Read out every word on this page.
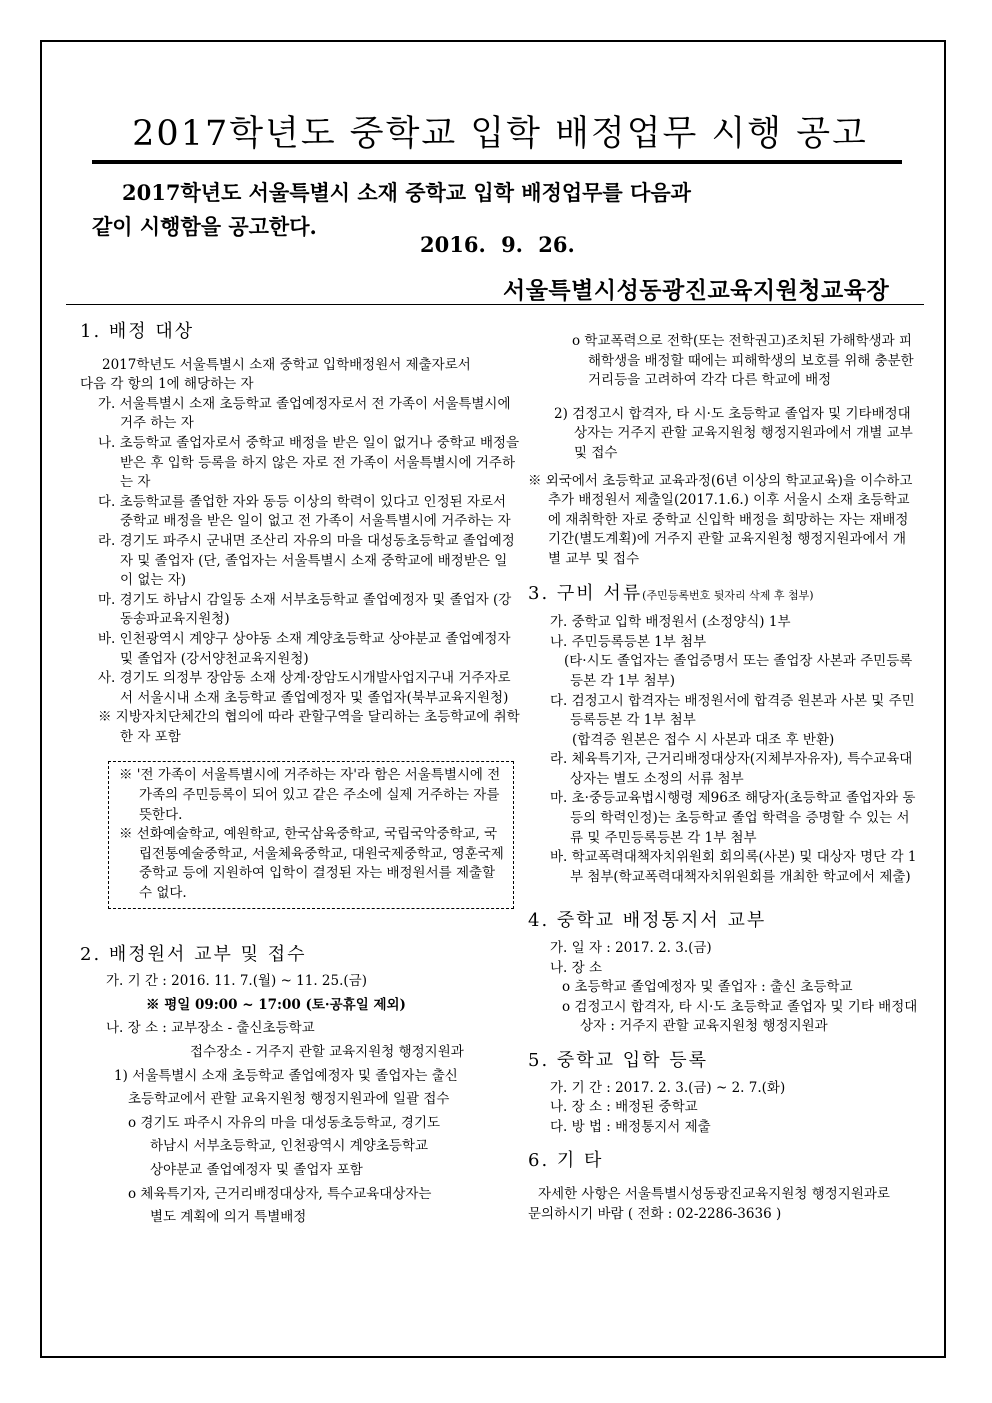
2017학년도 중학교 입학 배정업무 시행 공고
2017학년도 서울특별시 소재 중학교 입학 배정업무를 다음과
같이 시행함을 공고한다.
2016. 9. 26.
서울특별시성동광진교육지원청교육장
1. 배정 대상

2017학년도 서울특별시 소재 중학교 입학배정원서 제출자로서

다음 각 항의 1에 해당하는 자

가. 서울특별시 소재 초등학교 졸업예정자로서 전 가족이 서울특별시에 거주 하는 자

나. 초등학교 졸업자로서 중학교 배정을 받은 일이 없거나 중학교 배정을 받은 후 입학 등록을 하지 않은 자로 전 가족이 서울특별시에 거주하는 자

다. 초등학교를 졸업한 자와 동등 이상의 학력이 있다고 인정된 자로서 중학교 배정을 받은 일이 없고 전 가족이 서울특별시에 거주하는 자

라. 경기도 파주시 군내면 조산리 자유의 마을 대성동초등학교 졸업예정자 및 졸업자 (단, 졸업자는 서울특별시 소재 중학교에 배정받은 일이 없는 자)

마. 경기도 하남시 감일동 소재 서부초등학교 졸업예정자 및 졸업자 (강동송파교육지원청)

바. 인천광역시 계양구 상야동 소재 계양초등학교 상야분교 졸업예정자 및 졸업자 (강서양천교육지원청)

사. 경기도 의정부 장암동 소재 상계·장암도시개발사업지구내 거주자로서 서울시내 소재 초등학교 졸업예정자 및 졸업자(북부교육지원청)

※ 지방자치단체간의 협의에 따라 관할구역을 달리하는 초등학교에 취학한 자 포함

※ '전 가족이 서울특별시에 거주하는 자'라 함은 서울특별시에 전 가족의 주민등록이 되어 있고 같은 주소에 실제 거주하는 자를 뜻한다.

※ 선화예술학교, 예원학교, 한국삼육중학교, 국립국악중학교, 국립전통예술중학교, 서울체육중학교, 대원국제중학교, 영훈국제중학교 등에 지원하여 입학이 결정된 자는 배정원서를 제출할 수 없다.

2. 배정원서 교부 및 접수

가. 기 간 : 2016. 11. 7.(월) ~ 11. 25.(금)

※ 평일 09:00 ~ 17:00 (토·공휴일 제외)

나. 장 소 : 교부장소 - 출신초등학교

접수장소 - 거주지 관할 교육지원청 행정지원과

1) 서울특별시 소재 초등학교 졸업예정자 및 졸업자는 출신

초등학교에서 관할 교육지원청 행정지원과에 일괄 접수

o 경기도 파주시 자유의 마을 대성동초등학교, 경기도

하남시 서부초등학교, 인천광역시 계양초등학교

상야분교 졸업예정자 및 졸업자 포함

o 체육특기자, 근거리배정대상자, 특수교육대상자는

별도 계획에 의거 특별배정

o 학교폭력으로 전학(또는 전학권고)조치된 가해학생과 피해학생을 배정할 때에는 피해학생의 보호를 위해 충분한 거리등을 고려하여 각각 다른 학교에 배정

2) 검정고시 합격자, 타 시·도 초등학교 졸업자 및 기타배정대상자는 거주지 관할 교육지원청 행정지원과에서 개별 교부 및 접수

※ 외국에서 초등학교 교육과정(6년 이상의 학교교육)을 이수하고 추가 배정원서 제출일(2017.1.6.) 이후 서울시 소재 초등학교에 재취학한 자로 중학교 신입학 배정을 희망하는 자는 재배정 기간(별도계획)에 거주지 관할 교육지원청 행정지원과에서 개별 교부 및 접수

3. 구비 서류(주민등록번호 뒷자리 삭제 후 첨부)

가. 중학교 입학 배정원서 (소정양식) 1부

나. 주민등록등본 1부 첨부

(타·시도 졸업자는 졸업증명서 또는 졸업장 사본과 주민등록등본 각 1부 첨부)

다. 검정고시 합격자는 배정원서에 합격증 원본과 사본 및 주민등록등본 각 1부 첨부

(합격증 원본은 접수 시 사본과 대조 후 반환)

라. 체육특기자, 근거리배정대상자(지체부자유자), 특수교육대상자는 별도 소정의 서류 첨부

마. 초·중등교육법시행령 제96조 해당자(초등학교 졸업자와 동등의 학력인정)는 초등학교 졸업 학력을 증명할 수 있는 서류 및 주민등록등본 각 1부 첨부

바. 학교폭력대책자치위원회 회의록(사본) 및 대상자 명단 각 1부 첨부(학교폭력대책자치위원회를 개최한 학교에서 제출)

4. 중학교 배정통지서 교부

가. 일 자 : 2017. 2. 3.(금)

나. 장 소

o 초등학교 졸업예정자 및 졸업자 : 출신 초등학교

o 검정고시 합격자, 타 시·도 초등학교 졸업자 및 기타 배정대상자 : 거주지 관할 교육지원청 행정지원과

5. 중학교 입학 등록

가. 기 간 : 2017. 2. 3.(금) ~ 2. 7.(화)

나. 장 소 : 배정된 중학교

다. 방 법 : 배정통지서 제출

6. 기 타

자세한 사항은 서울특별시성동광진교육지원청 행정지원과로

문의하시기 바람 ( 전화 : 02-2286-3636 )
